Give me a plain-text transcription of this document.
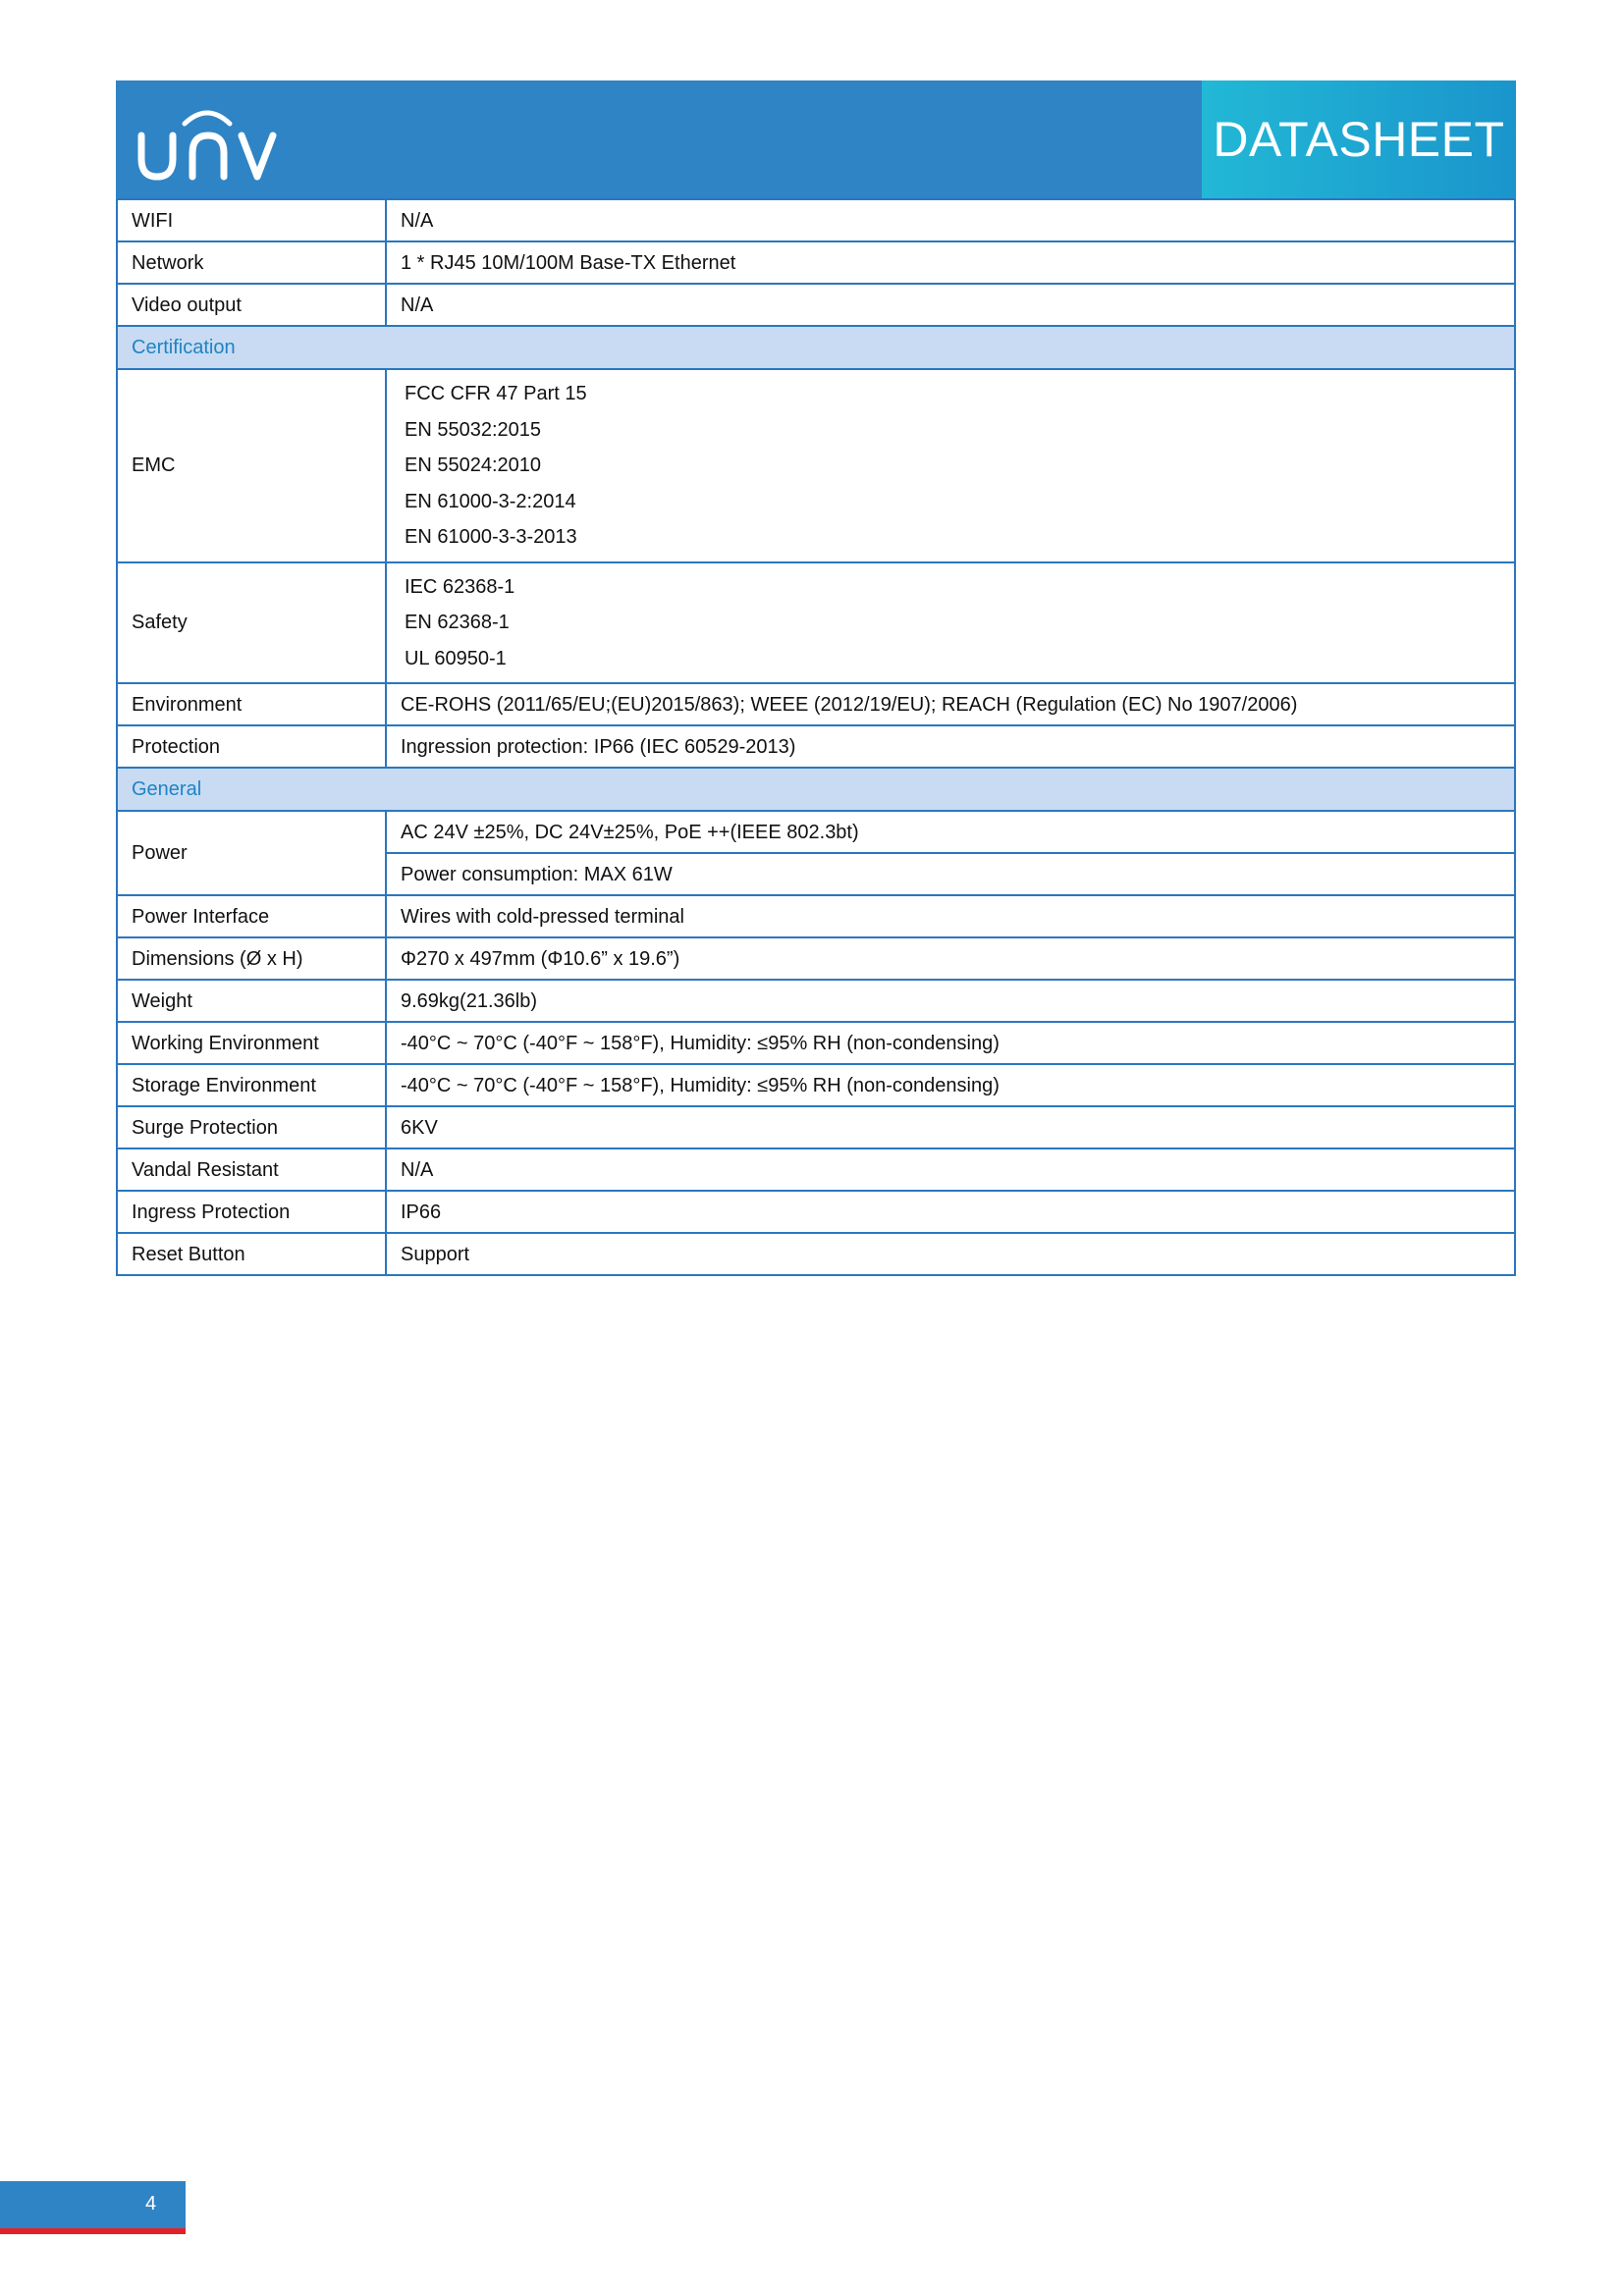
DATASHEET
WIFI	N/A
Network	1 * RJ45 10M/100M Base-TX Ethernet
Video output	N/A
Certification	
EMC	FCC CFR 47 Part 15
EN 55032:2015
EN 55024:2010
EN 61000-3-2:2014
EN 61000-3-3-2013

Safety	IEC 62368-1
EN 62368-1
UL 60950-1

Environment	CE-ROHS (2011/65/EU;(EU)2015/863); WEEE (2012/19/EU); REACH (Regulation (EC) No 1907/2006)
Protection	Ingression protection: IP66 (IEC 60529-2013)
General	
Power	AC 24V ±25%, DC 24V±25%, PoE ++(IEEE 802.3bt)
	Power consumption: MAX 61W
Power Interface	Wires with cold-pressed terminal
Dimensions (Ø x H)	Φ270 x 497mm (Φ10.6” x 19.6”)
Weight	9.69kg(21.36lb)
Working Environment	-40°C ~ 70°C (-40°F ~ 158°F), Humidity: ≤95% RH (non-condensing)
Storage Environment	-40°C ~ 70°C (-40°F ~ 158°F), Humidity: ≤95% RH (non-condensing)
Surge Protection	6KV
Vandal Resistant	N/A
Ingress Protection	IP66
Reset Button	Support
4
